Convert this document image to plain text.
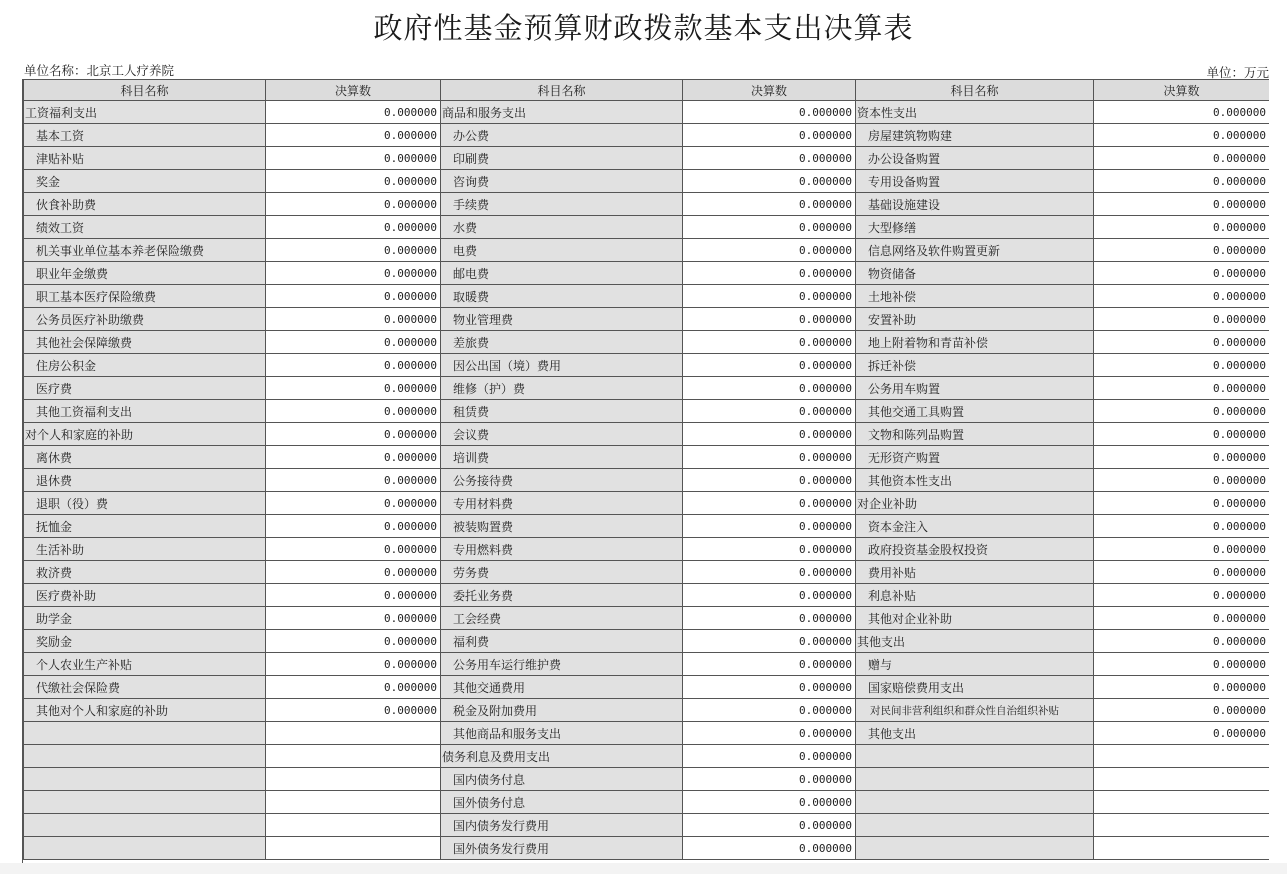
政府性基金预算财政拨款基本支出决算表
单位名称：北京工人疗养院	单位：万元
科目名称	决算数	科目名称	决算数	科目名称	决算数
工资福利支出	0.000000	商品和服务支出	0.000000	资本性支出	0.000000
基本工资	0.000000	办公费	0.000000	房屋建筑物购建	0.000000
津贴补贴	0.000000	印刷费	0.000000	办公设备购置	0.000000
奖金	0.000000	咨询费	0.000000	专用设备购置	0.000000
伙食补助费	0.000000	手续费	0.000000	基础设施建设	0.000000
绩效工资	0.000000	水费	0.000000	大型修缮	0.000000
机关事业单位基本养老保险缴费	0.000000	电费	0.000000	信息网络及软件购置更新	0.000000
职业年金缴费	0.000000	邮电费	0.000000	物资储备	0.000000
职工基本医疗保险缴费	0.000000	取暖费	0.000000	土地补偿	0.000000
公务员医疗补助缴费	0.000000	物业管理费	0.000000	安置补助	0.000000
其他社会保障缴费	0.000000	差旅费	0.000000	地上附着物和青苗补偿	0.000000
住房公积金	0.000000	因公出国（境）费用	0.000000	拆迁补偿	0.000000
医疗费	0.000000	维修（护）费	0.000000	公务用车购置	0.000000
其他工资福利支出	0.000000	租赁费	0.000000	其他交通工具购置	0.000000
对个人和家庭的补助	0.000000	会议费	0.000000	文物和陈列品购置	0.000000
离休费	0.000000	培训费	0.000000	无形资产购置	0.000000
退休费	0.000000	公务接待费	0.000000	其他资本性支出	0.000000
退职（役）费	0.000000	专用材料费	0.000000	对企业补助	0.000000
抚恤金	0.000000	被装购置费	0.000000	资本金注入	0.000000
生活补助	0.000000	专用燃料费	0.000000	政府投资基金股权投资	0.000000
救济费	0.000000	劳务费	0.000000	费用补贴	0.000000
医疗费补助	0.000000	委托业务费	0.000000	利息补贴	0.000000
助学金	0.000000	工会经费	0.000000	其他对企业补助	0.000000
奖励金	0.000000	福利费	0.000000	其他支出	0.000000
个人农业生产补贴	0.000000	公务用车运行维护费	0.000000	赠与	0.000000
代缴社会保险费	0.000000	其他交通费用	0.000000	国家赔偿费用支出	0.000000
其他对个人和家庭的补助	0.000000	税金及附加费用	0.000000	对民间非营利组织和群众性自治组织补贴	0.000000
		其他商品和服务支出	0.000000	其他支出	0.000000
		债务利息及费用支出	0.000000		
		国内债务付息	0.000000		
		国外债务付息	0.000000		
		国内债务发行费用	0.000000		
		国外债务发行费用	0.000000		
